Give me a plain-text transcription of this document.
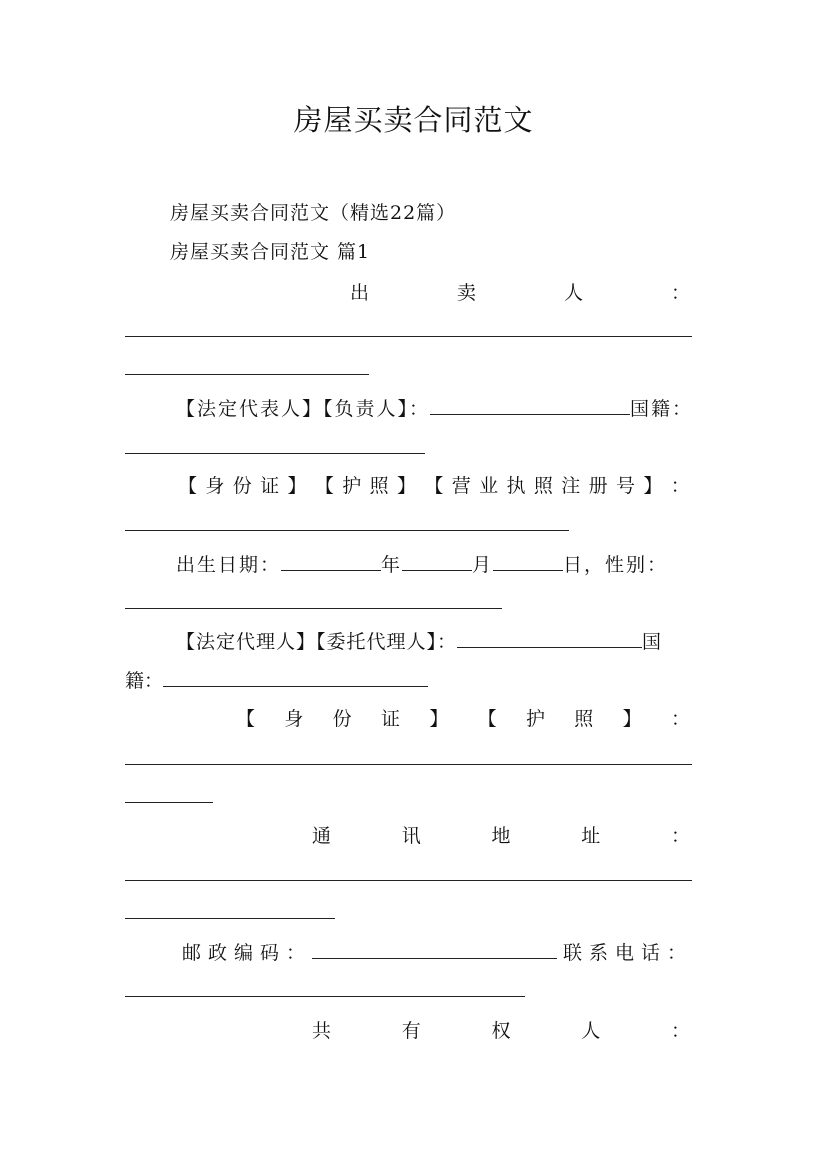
房屋买卖合同范文
房屋买卖合同范文（精选22篇）
房屋买卖合同范文 篇1
出	卖	人	：
【法定代表人】【负责人】：	国籍：
【 身 份 证 】 【 护 照 】 【 营 业 执 照 注 册 号 】 ：
出生日期：	年	月	日，性别：
【法定代理人】【委托代理人】：	国
籍：
【 身 份 证 】 【 护 照 】 ：
通	讯	地	址	：
邮政编码：	联系电话：
共	有	权	人	：
